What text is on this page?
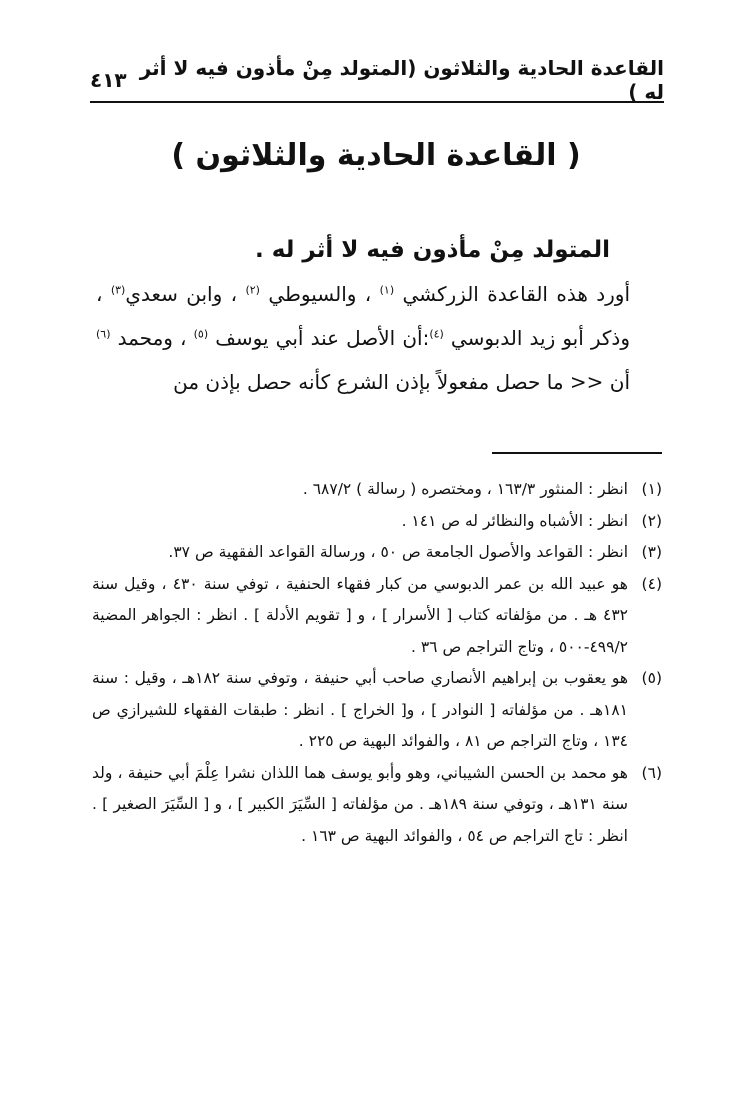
القاعدة الحادية والثلاثون (المتولد مِنْ مأذون فيه لا أثر له )
٤١٣
( القاعدة الحادية والثلاثون )

المتولد مِنْ مأذون فيه لا أثر له .

أورد هذه القاعدة الزركشي $^{(١)}$ ، والسيوطي $^{(٢)}$ ، وابن سعدي$^{(٣)}$ ، وذكر أبو زيد الدبوسي $^{(٤)}$:أن الأصل عند أبي يوسف $^{(٥)}$ ، ومحمد $^{(٦)}$ أن << ما حصل مفعولاً بإذن الشرع كأنه حصل بإذن من

(١)
انظر : المنثور ١٦٣/٣ ، ومختصره ( رسالة ) ٦٨٧/٢ .
(٢)
انظر : الأشباه والنظائر له ص ١٤١ .
(٣)
انظر : القواعد والأصول الجامعة ص ٥٠ ، ورسالة القواعد الفقهية ص ٣٧.
(٤)
هو عبيد الله بن عمر الدبوسي من كبار فقهاء الحنفية ، توفي سنة ٤٣٠ ، وقيل سنة ٤٣٢ هـ . من مؤلفاته كتاب [ الأسرار ] ، و [ تقويم الأدلة ] . انظر : الجواهر المضية ٤٩٩/٢-٥٠٠ ، وتاج التراجم ص ٣٦ .
(٥)
هو يعقوب بن إبراهيم الأنصاري صاحب أبي حنيفة ، وتوفي سنة ١٨٢هـ ، وقيل : سنة ١٨١هـ . من مؤلفاته [ النوادر ] ، و[ الخراج ] . انظر : طبقات الفقهاء للشيرازي ص ١٣٤ ، وتاج التراجم ص ٨١ ، والفوائد البهية ص ٢٢٥ .
(٦)
هو محمد بن الحسن الشيباني، وهو وأبو يوسف هما اللذان نشرا عِلْمَ أبي حنيفة ، ولد سنة ١٣١هـ ، وتوفي سنة ١٨٩هـ . من مؤلفاته [ السِّيَرَ الكبير ] ، و [ السِّيَرَ الصغير ] . انظر : تاج التراجم ص ٥٤ ، والفوائد البهية ص ١٦٣ .
